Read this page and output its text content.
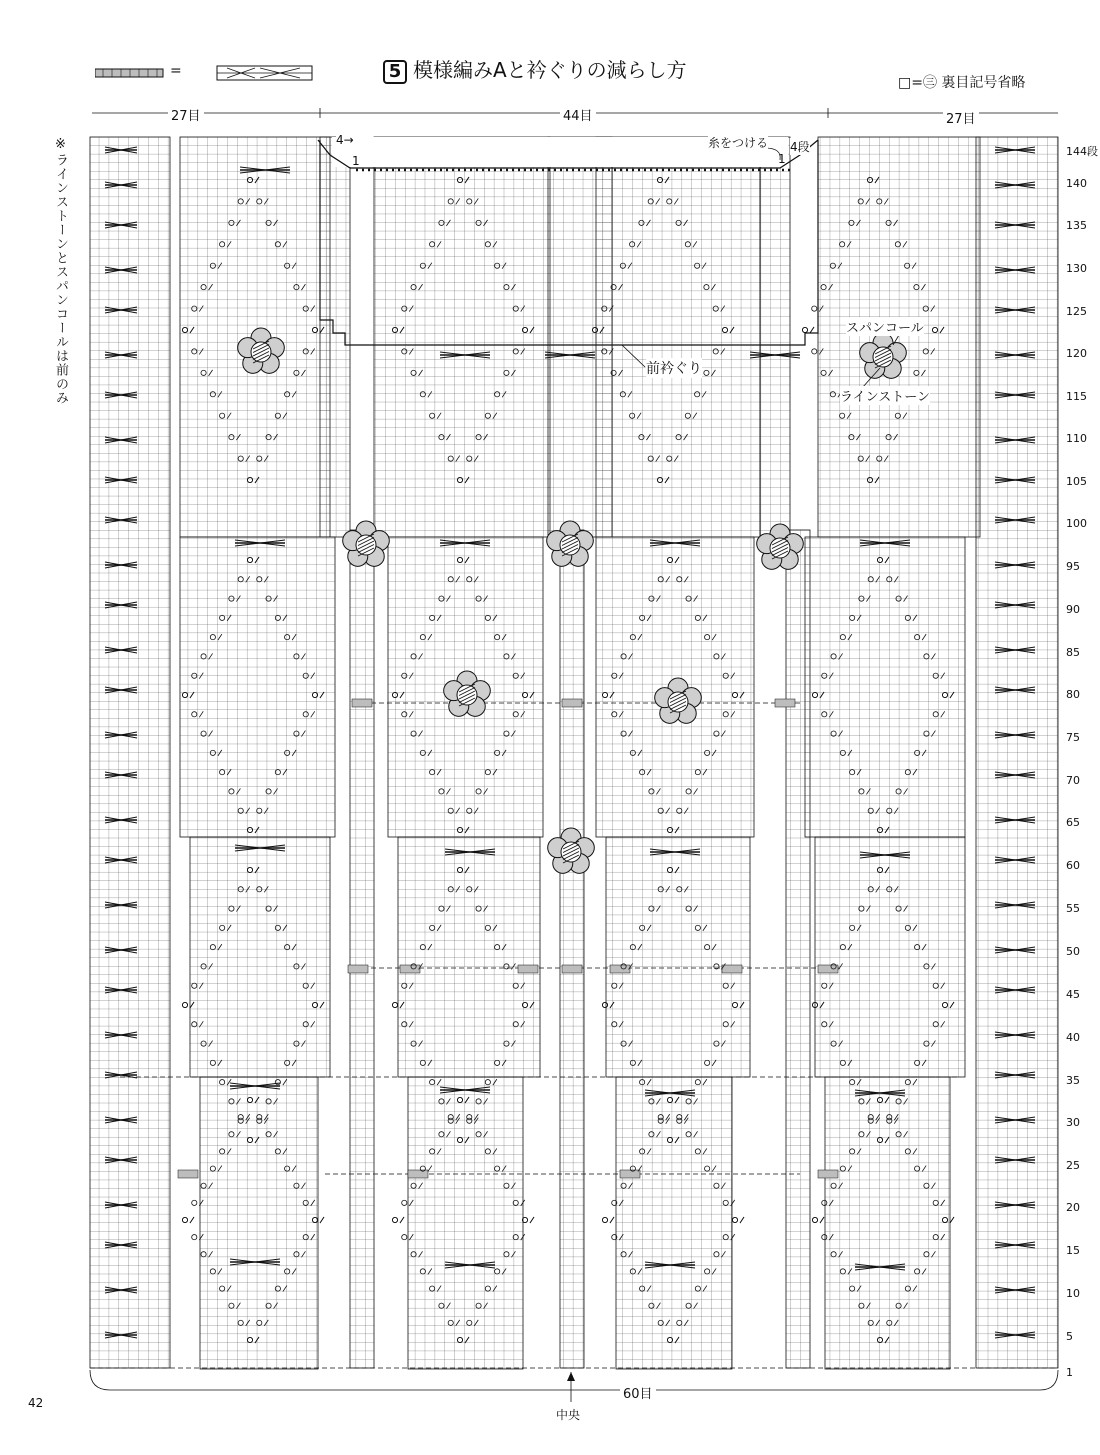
=	5 模様編みAと衿ぐりの減らし方
□=㊂ 裏目記号省略
27目	44目	27目
60目
中央
※ラインストーンとスパンコールは前のみ	4→
1
糸をつける 4段
1
前衿ぐり
スパンコール
ラインストーン
144段
140
135
130
125
120
115
110
105
100
95
90
85
80
75
70
65
60
55
50
45
40
35
30
25
20
15
10
5
1
42
